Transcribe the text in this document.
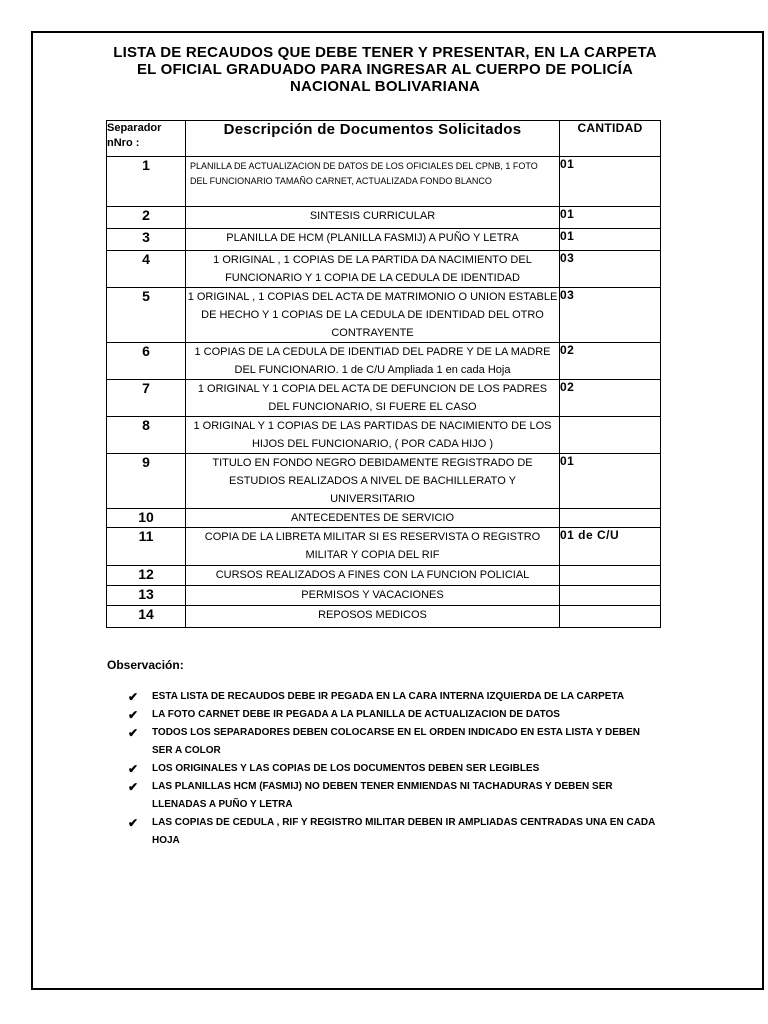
LISTA DE RECAUDOS QUE DEBE TENER Y PRESENTAR, EN LA CARPETA
EL OFICIAL GRADUADO PARA INGRESAR AL CUERPO DE POLICÍA
NACIONAL BOLIVARIANA
Separador nNro :	Descripción de Documentos Solicitados	CANTIDAD
1	PLANILLA DE ACTUALIZACION DE DATOS DE LOS OFICIALES DEL CPNB, 1 FOTO DEL FUNCIONARIO TAMAÑO CARNET, ACTUALIZADA FONDO BLANCO	01
2	SINTESIS CURRICULAR	01
3	PLANILLA DE HCM (PLANILLA FASMIJ) A PUÑO Y LETRA	01
4	1 ORIGINAL , 1 COPIAS DE LA PARTIDA DA NACIMIENTO DEL FUNCIONARIO Y 1 COPIA DE LA CEDULA DE IDENTIDAD	03
5	1 ORIGINAL , 1 COPIAS DEL ACTA DE MATRIMONIO O UNION ESTABLE DE HECHO Y 1 COPIAS DE LA CEDULA DE IDENTIDAD DEL OTRO CONTRAYENTE	03
6	1 COPIAS DE LA CEDULA DE IDENTIAD DEL PADRE Y DE LA MADRE DEL FUNCIONARIO. 1 de C/U Ampliada 1 en cada Hoja	02
7	1 ORIGINAL Y 1 COPIA DEL ACTA DE DEFUNCION DE LOS PADRES DEL FUNCIONARIO, SI FUERE EL CASO	02
8	1 ORIGINAL Y 1 COPIAS DE LAS PARTIDAS DE NACIMIENTO DE LOS HIJOS DEL FUNCIONARIO, ( POR CADA HIJO )	
9	TITULO EN FONDO NEGRO DEBIDAMENTE REGISTRADO DE ESTUDIOS REALIZADOS A NIVEL DE BACHILLERATO Y UNIVERSITARIO	01
10	ANTECEDENTES DE SERVICIO	
11	COPIA DE LA LIBRETA MILITAR SI ES RESERVISTA O REGISTRO MILITAR Y COPIA DEL RIF	01 de C/U
12	CURSOS REALIZADOS A FINES CON LA FUNCION POLICIAL	
13	PERMISOS Y VACACIONES	
14	REPOSOS MEDICOS	
Observación:
✔ ESTA LISTA DE RECAUDOS DEBE IR PEGADA EN LA CARA INTERNA IZQUIERDA DE LA CARPETA
✔ LA FOTO CARNET DEBE IR PEGADA A LA PLANILLA DE ACTUALIZACION DE DATOS
✔ TODOS LOS SEPARADORES DEBEN COLOCARSE EN EL ORDEN INDICADO EN ESTA LISTA Y DEBEN SER A COLOR
✔ LOS ORIGINALES Y LAS COPIAS DE LOS DOCUMENTOS DEBEN SER LEGIBLES
✔ LAS PLANILLAS HCM (FASMIJ) NO DEBEN TENER ENMIENDAS NI TACHADURAS Y DEBEN SER LLENADAS A PUÑO Y LETRA
✔ LAS COPIAS DE CEDULA , RIF Y REGISTRO MILITAR DEBEN IR AMPLIADAS CENTRADAS UNA EN CADA HOJA
